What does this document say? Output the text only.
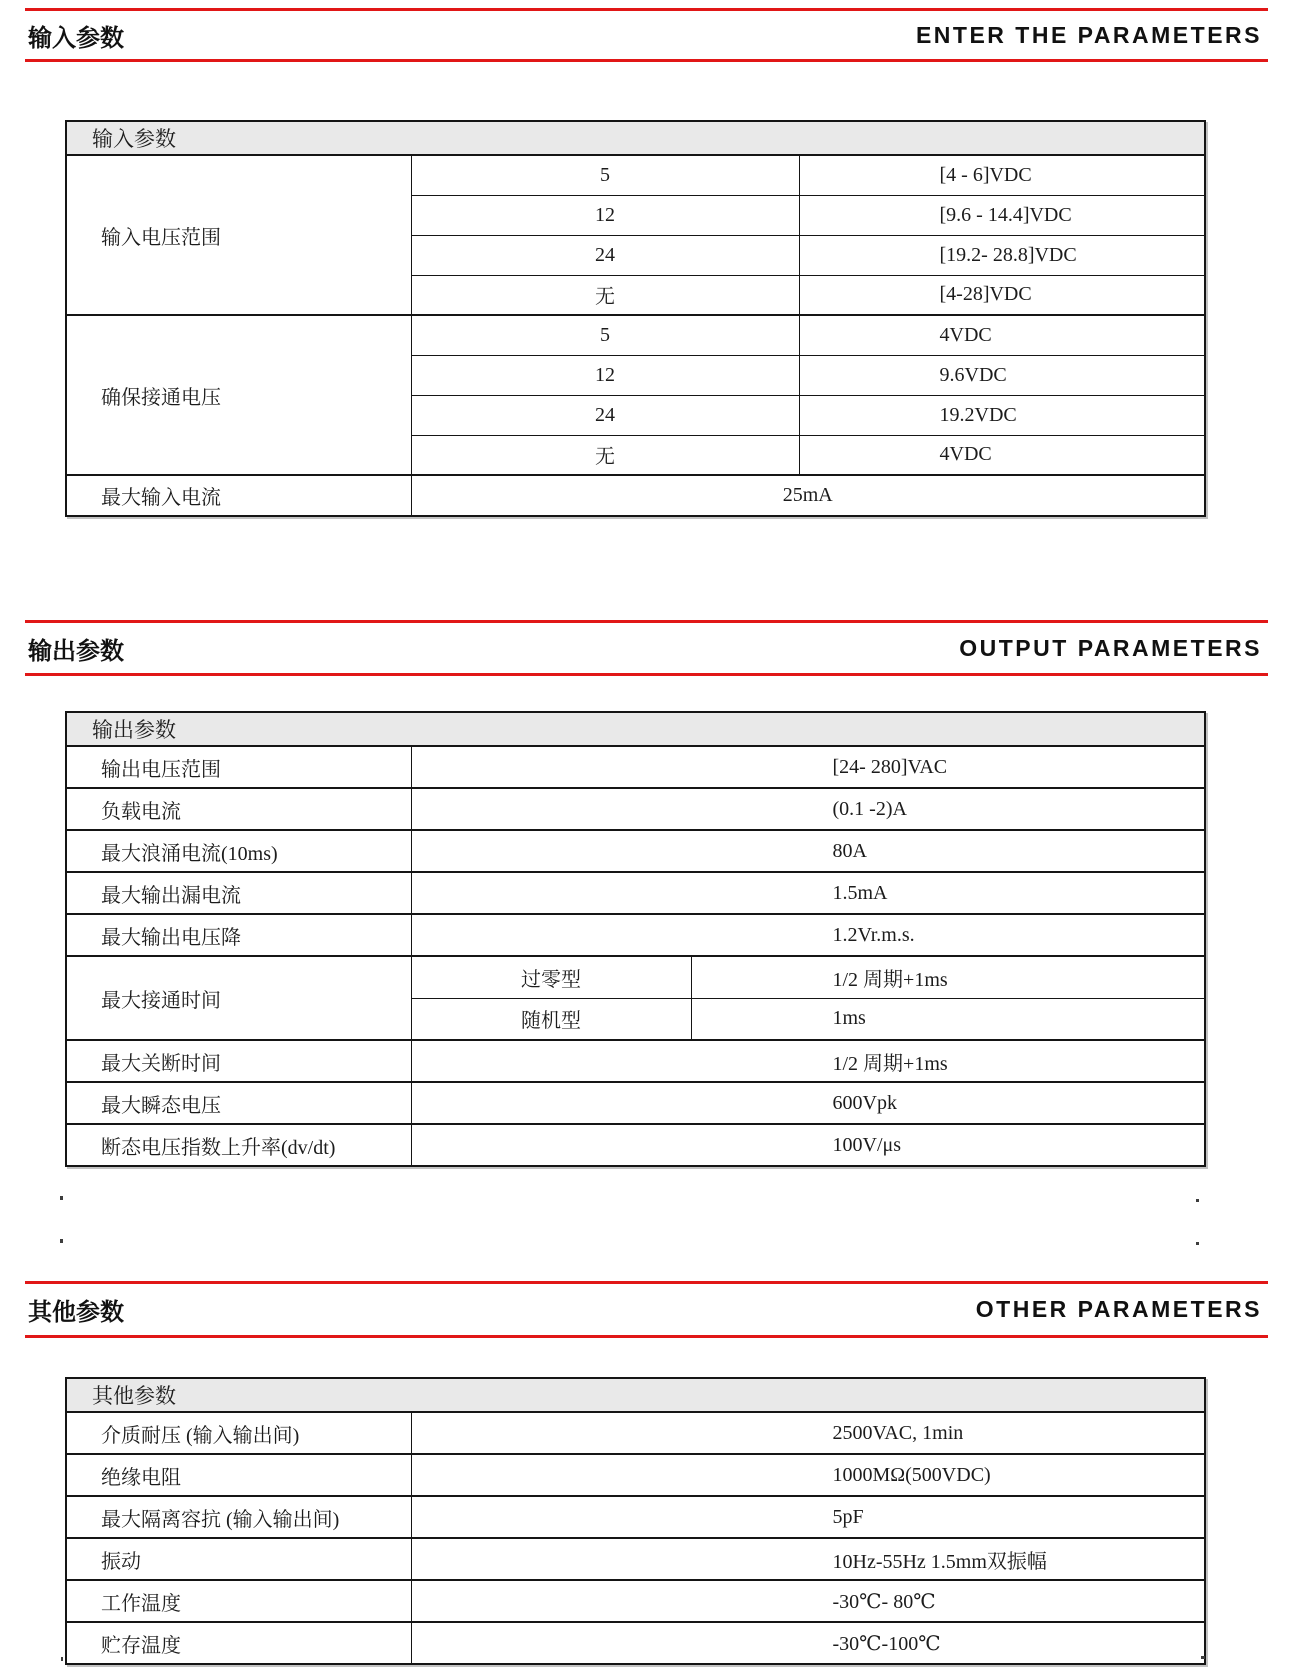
输入参数	ENTER THE PARAMETERS
输入参数		
输入电压范围	5	[4 - 6]VDC
	12	[9.6 - 14.4]VDC
	24	[19.2- 28.8]VDC
	无	[4-28]VDC
确保接通电压	5	4VDC
	12	9.6VDC
	24	19.2VDC
	无	4VDC
最大输入电流	25mA	
输出参数	OUTPUT PARAMETERS
输出参数		
输出电压范围	[24- 280]VAC	
负载电流	(0.1 -2)A	
最大浪涌电流(10ms)	80A	
最大输出漏电流	1.5mA	
最大输出电压降	1.2Vr.m.s.	
最大接通时间	过零型	1/2 周期+1ms
	随机型	1ms
最大关断时间	1/2 周期+1ms	
最大瞬态电压	600Vpk	
断态电压指数上升率(dv/dt)	100V/μs	
其他参数	OTHER PARAMETERS
其他参数	
介质耐压 (输入输出间)	2500VAC, 1min
绝缘电阻	1000MΩ(500VDC)
最大隔离容抗 (输入输出间)	5pF
振动	10Hz-55Hz 1.5mm双振幅
工作温度	-30℃- 80℃
贮存温度	-30℃-100℃
